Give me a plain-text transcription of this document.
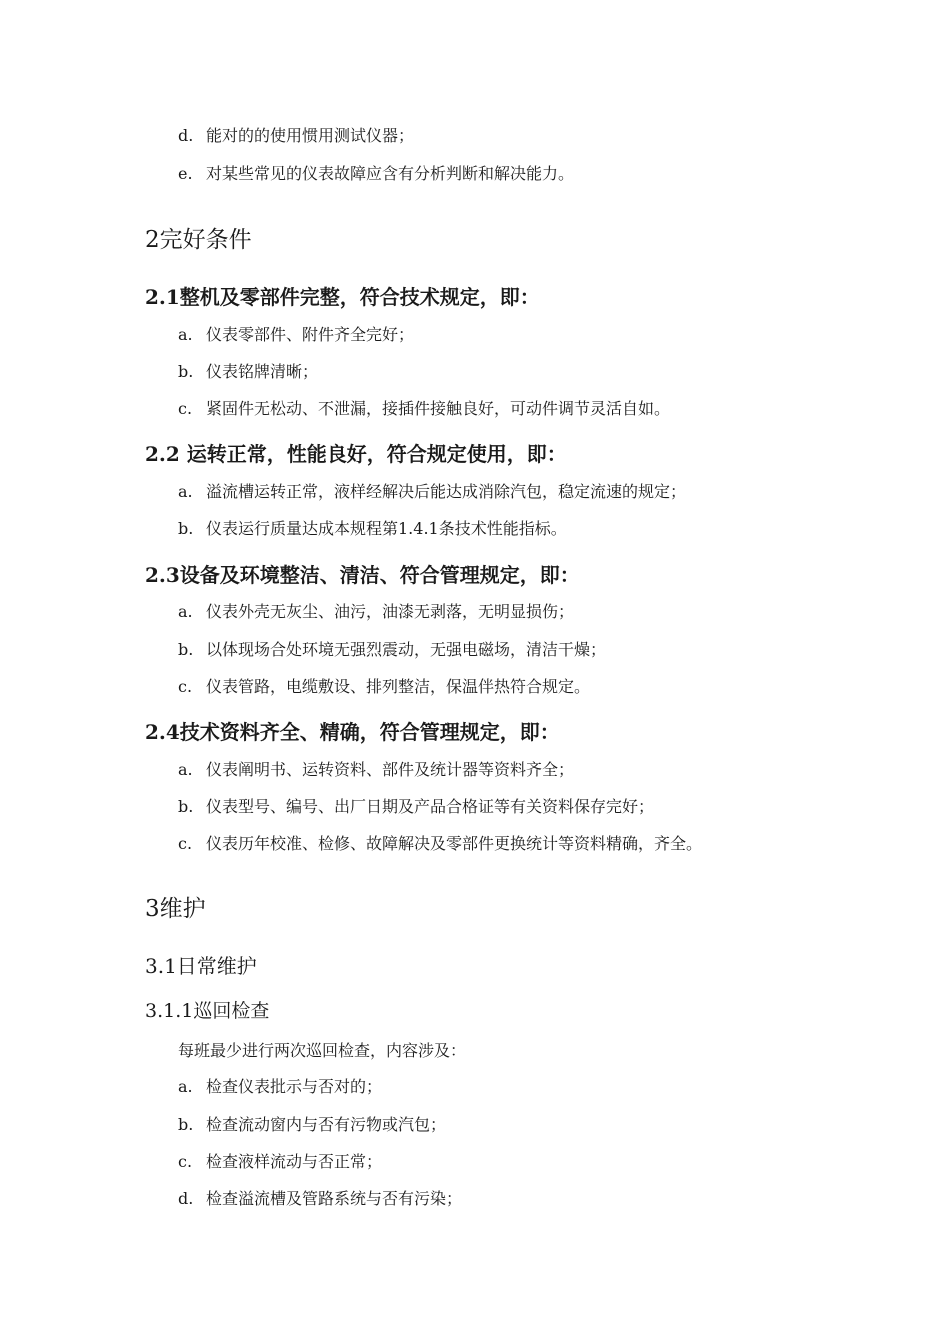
d. 能对的的使用惯用测试仪器；
e. 对某些常见的仪表故障应含有分析判断和解决能力。
2完好条件
2.1整机及零部件完整，符合技术规定，即：
a. 仪表零部件、附件齐全完好；
b. 仪表铭牌清晰；
c. 紧固件无松动、不泄漏，接插件接触良好，可动件调节灵活自如。
2.2 运转正常，性能良好，符合规定使用，即：
a. 溢流槽运转正常，液样经解决后能达成消除汽包，稳定流速的规定；
b. 仪表运行质量达成本规程第1.4.1条技术性能指标。
2.3设备及环境整洁、清洁、符合管理规定，即：
a. 仪表外壳无灰尘、油污，油漆无剥落，无明显损伤；
b. 以体现场合处环境无强烈震动，无强电磁场，清洁干燥；
c. 仪表管路，电缆敷设、排列整洁，保温伴热符合规定。
2.4技术资料齐全、精确，符合管理规定，即：
a. 仪表阐明书、运转资料、部件及统计器等资料齐全；
b. 仪表型号、编号、出厂日期及产品合格证等有关资料保存完好；
c. 仪表历年校准、检修、故障解决及零部件更换统计等资料精确，齐全。
3维护
3.1日常维护
3.1.1巡回检查
每班最少进行两次巡回检查，内容涉及：
a. 检查仪表批示与否对的；
b. 检查流动窗内与否有污物或汽包；
c. 检查液样流动与否正常；
d. 检查溢流槽及管路系统与否有污染；
